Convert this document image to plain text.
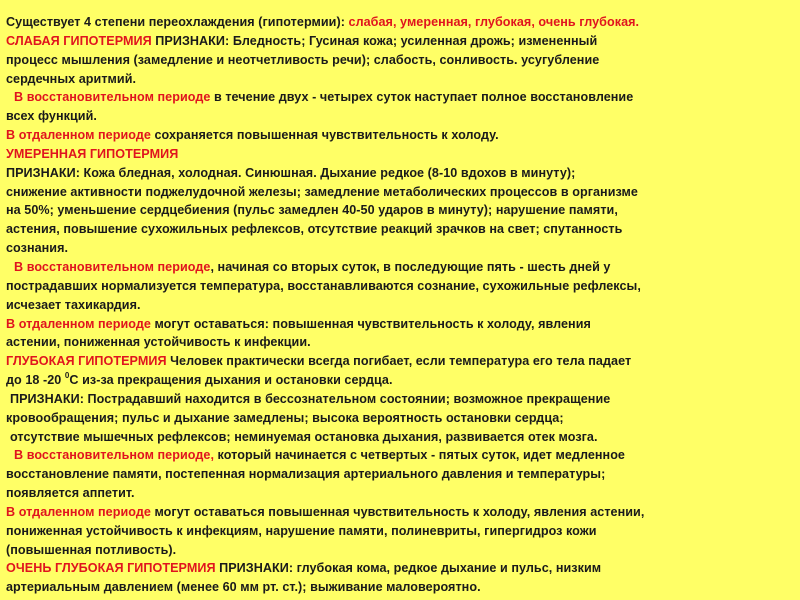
Существует 4 степени переохлаждения (гипотермии): слабая, умеренная, глубокая, очень глубокая.
СЛАБАЯ ГИПОТЕРМИЯ ПРИЗНАКИ: Бледность; Гусиная кожа; усиленная дрожь; измененный
процесс мышления (замедление и неотчетливость речи); слабость, сонливость. усугубление
сердечных аритмий.
В восстановительном периоде в течение двух - четырех суток наступает полное восстановление
всех функций.
В отдаленном периоде сохраняется повышенная чувствительность к холоду.
УМЕРЕННАЯ ГИПОТЕРМИЯ
ПРИЗНАКИ: Кожа бледная, холодная. Синюшная. Дыхание редкое (8-10 вдохов в минуту);
снижение активности поджелудочной железы; замедление метаболических процессов в организме
на 50%; уменьшение сердцебиения (пульс замедлен 40-50 ударов в минуту); нарушение памяти,
астения, повышение сухожильных рефлексов, отсутствие реакций зрачков на свет; спутанность
сознания.
В восстановительном периоде, начиная со вторых суток, в последующие пять - шесть дней у
пострадавших нормализуется температура, восстанавливаются сознание, сухожильные рефлексы,
исчезает тахикардия.
В отдаленном периоде могут оставаться: повышенная чувствительность к холоду, явления
астении, пониженная устойчивость к инфекции.
ГЛУБОКАЯ ГИПОТЕРМИЯ Человек практически всегда погибает, если температура его тела падает
до 18 -20 $^0$С из-за прекращения дыхания и остановки сердца.
ПРИЗНАКИ: Пострадавший находится в бессознательном состоянии; возможное прекращение
кровообращения; пульс и дыхание замедлены; высока вероятность остановки сердца;
отсутствие мышечных рефлексов; неминуемая остановка дыхания, развивается отек мозга.
В восстановительном периоде, который начинается с четвертых - пятых суток, идет медленное
восстановление памяти, постепенная нормализация артериального давления и температуры;
появляется аппетит.
В отдаленном периоде могут оставаться повышенная чувствительность к холоду, явления астении,
пониженная устойчивость к инфекциям, нарушение памяти, полиневриты, гипергидроз кожи
(повышенная потливость).
ОЧЕНЬ ГЛУБОКАЯ ГИПОТЕРМИЯ ПРИЗНАКИ: глубокая кома, редкое дыхание и пульс, низким
артериальным давлением (менее 60 мм рт. ст.); выживание маловероятно.
